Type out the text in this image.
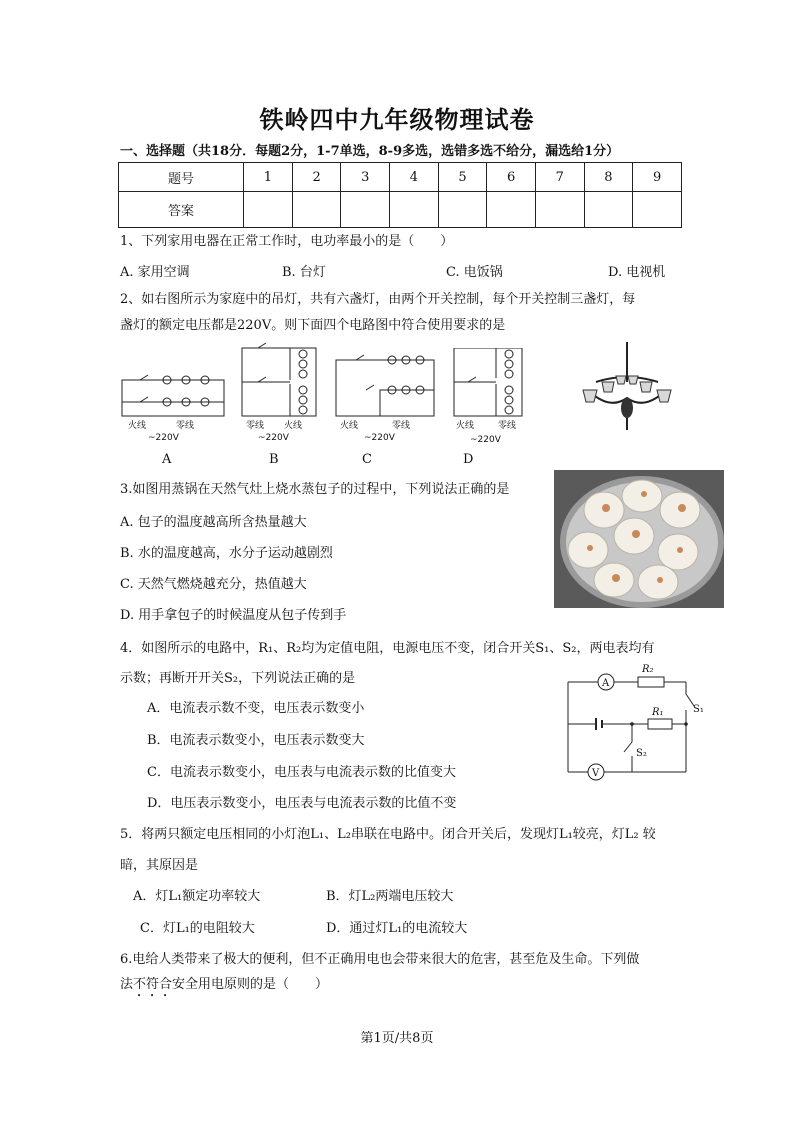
铁岭四中九年级物理试卷
一、选择题（共18分．每题2分，1-7单选，8-9多选，选错多选不给分，漏选给1分）
题号	1	2	3	4	5	6	7	8	9
答案									
1、下列家用电器在正常工作时，电功率最小的是（　　）
A. 家用空调	B. 台灯	C. 电饭锅	D. 电视机
2、如右图所示为家庭中的吊灯，共有六盏灯，由两个开关控制，每个开关控制三盏灯，每
盏灯的额定电压都是220V。则下面四个电路图中符合使用要求的是
火线	零线
~220V
零线 火线
~220V
火线	零线
~220V
火线	零线
~220V
A	B	C	D
3.如图用蒸锅在天然气灶上烧水蒸包子的过程中，下列说法正确的是
A. 包子的温度越高所含热量越大
B. 水的温度越高，水分子运动越剧烈
C. 天然气燃烧越充分，热值越大
D. 用手拿包子的时候温度从包子传到手
4．如图所示的电路中，R₁、R₂均为定值电阻，电源电压不变，闭合开关S₁、S₂，两电表均有
示数；再断开开关S₂，下列说法正确的是
A．电流表示数不变，电压表示数变小
B．电流表示数变小，电压表示数变大
C．电流表示数变小，电压表与电流表示数的比值变大
D．电压表示数变小，电压表与电流表示数的比值不变
A
V
R₂
R₁	S₁
S₂
5．将两只额定电压相同的小灯泡L₁、L₂串联在电路中。闭合开关后，发现灯L₁较亮，灯L₂ 较
暗，其原因是
A．灯L₁额定功率较大	B．灯L₂两端电压较大
C．灯L₁的电阻较大	D．通过灯L₁的电流较大
6.电给人类带来了极大的便利，但不正确用电也会带来很大的危害，甚至危及生命。下列做
法不符合安全用电原则的是（　　）
第1页/共8页
